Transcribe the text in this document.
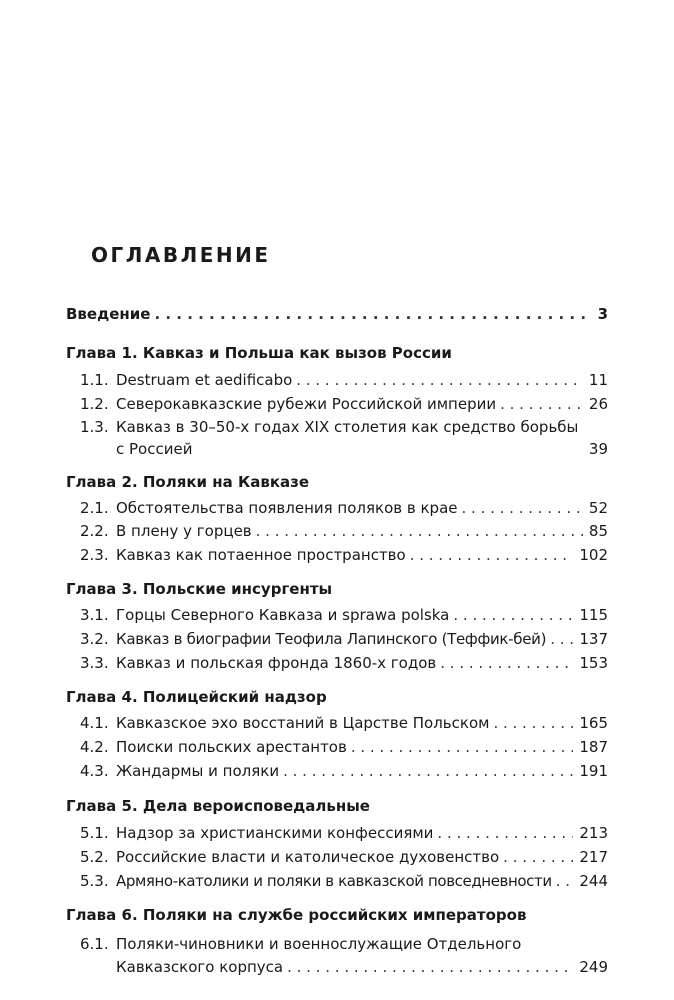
ОГЛАВЛЕНИЕ
Введение . . .	3
Глава 1. Кавказ и Польша как вызов России
1.1. Destruam et aedificabo . . .	11
1.2. Северокавказские рубежи Российской империи . . .	26
1.3. Кавказ в 30–50-х годах XIX столетия как средство борьбы
с Россией	39
Глава 2. Поляки на Кавказе
2.1. Обстоятельства появления поляков в крае . . .	52
2.2. В плену у горцев . . .	85
2.3. Кавказ как потаенное пространство . . .	102
Глава 3. Польские инсургенты
3.1. Горцы Северного Кавказа и sprawa polska . . .	115
3.2. Кавказ в биографии Теофила Лапинского (Теффик-бей) . . . 137
3.3. Кавказ и польская фронда 1860-х годов . . .	153
Глава 4. Полицейский надзор
4.1. Кавказское эхо восстаний в Царстве Польском . . .	165
4.2. Поиски польских арестантов . . .	187
4.3. Жандармы и поляки . . .	191
Глава 5. Дела вероисповедальные
5.1. Надзор за христианскими конфессиями . . .	213
5.2. Российские власти и католическое духовенство . . .	217
5.3. Армяно-католики и поляки в кавказской повседневности . . . 244
Глава 6. Поляки на службе российских императоров
6.1. Поляки-чиновники и военнослужащие Отдельного
Кавказского корпуса . . .	249
